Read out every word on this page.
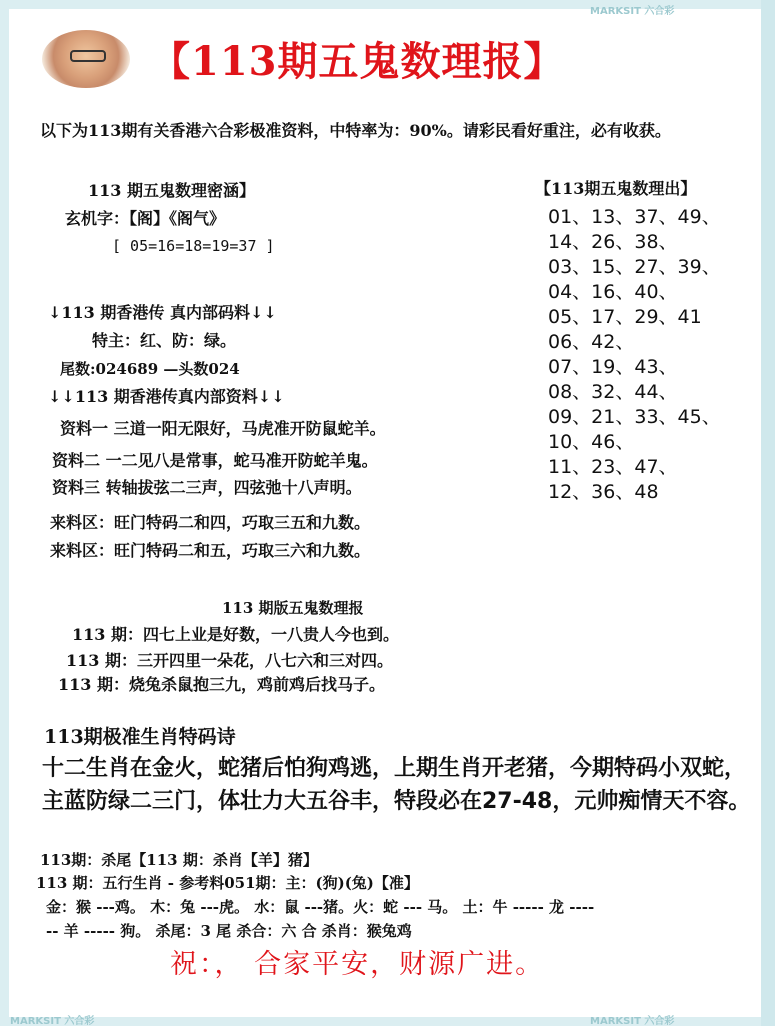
MARKSIT 六合彩	MARKSIT 六合彩
MARKSIT 六合彩
【113期五鬼数理报】
以下为113期有关香港六合彩极准资料，中特率为：90%。请彩民看好重注，必有收获。
113 期五鬼数理密涵】
玄机字：【阁】《阁气》
[ 05=16=18=19=37 ]
↓113 期香港传 真内部码料↓↓
特主：红、防：绿。
尾数:024689 —头数024
↓↓113 期香港传真内部资料↓↓
资料一 三道一阳无限好，马虎准开防鼠蛇羊。
资料二 一二见八是常事，蛇马准开防蛇羊鬼。
资料三 转轴拔弦二三声，四弦弛十八声明。
来料区：旺门特码二和四，巧取三五和九数。
来料区：旺门特码二和五，巧取三六和九数。
【113期五鬼数理出】
01、13、37、49、
14、26、38、
03、15、27、39、
04、16、40、
05、17、29、41
06、42、
07、19、43、
08、32、44、
09、21、33、45、
10、46、
11、23、47、
12、36、48
113 期版五鬼数理报
113 期：四七上业是好数，一八贵人今也到。
113 期：三开四里一朵花，八七六和三对四。
113 期：烧兔杀鼠抱三九，鸡前鸡后找马子。
113期极准生肖特码诗
十二生肖在金火，蛇猪后怕狗鸡逃，上期生肖开老猪，今期特码小双蛇，
主蓝防绿二三门，体壮力大五谷丰，特段必在27-48，元帅痴情天不容。
113期：杀尾【113 期：杀肖【羊】猪】
113 期：五行生肖 - 参考料051期：主：(狗)(兔)【准】
金：猴 ---鸡。 木：兔 ---虎。 水：鼠 ---猪。火：蛇 --- 马。 土：牛 ----- 龙 ----
-- 羊 ----- 狗。 杀尾：3 尾 杀合：六 合 杀肖：猴兔鸡
祝：， 合家平安，财源广进。
